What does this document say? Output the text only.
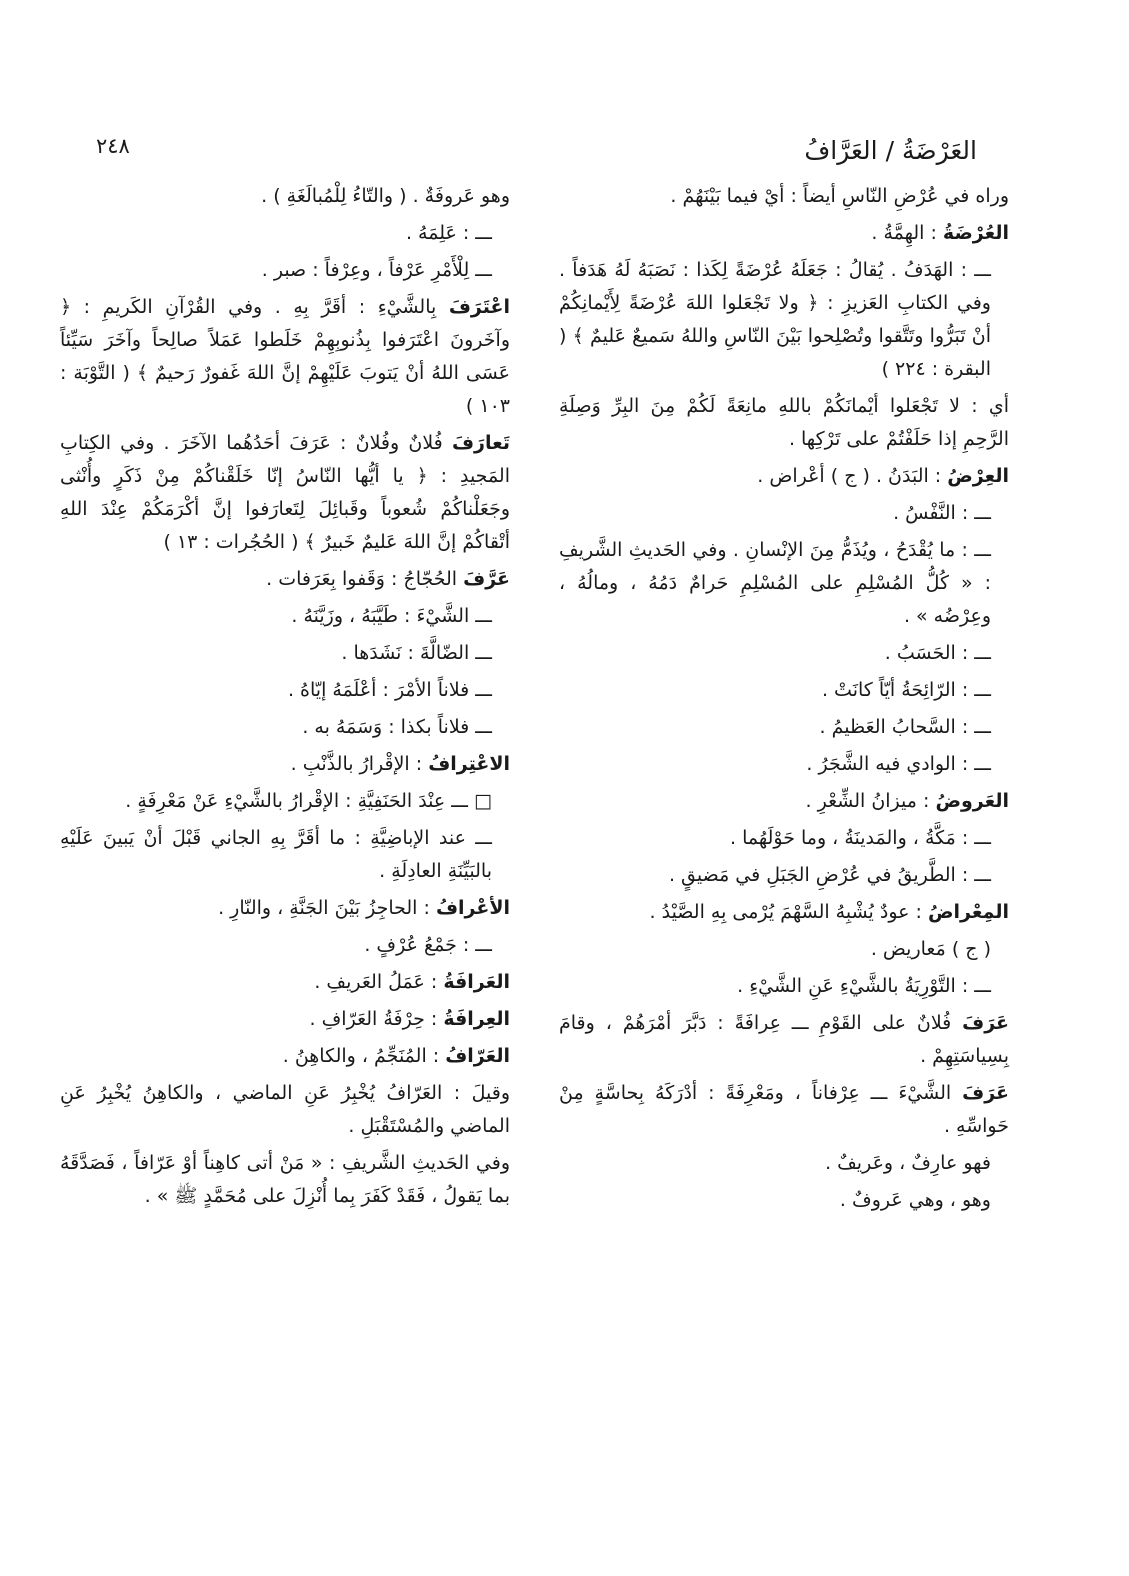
٢٤٨	العَرْضَةُ / العَرَّافُ

وراه في عُرْضِ النّاسِ أيضاً : أيْ فيما بَيْنَهُمْ .

العُرْضَةُ : الهِمَّةُ .

ـــ : الهَدَفُ . يُقالُ : جَعَلَهُ عُرْضَةً لِكَذا : نَصَبَهُ لَهُ هَدَفاً . وفي الكتابِ العَزيزِ : ﴿ ولا تَجْعَلوا اللهَ عُرْضَةً لِأَيْمانِكُمْ أنْ تَبَرُّوا وتَتَّقوا وتُصْلِحوا بَيْنَ النّاسِ واللهُ سَميعٌ عَليمٌ ﴾ ( البقرة : ٢٢٤ )

أي : لا تَجْعَلوا أيْمانَكُمْ باللهِ مانِعَةً لَكُمْ مِنَ البِرِّ وَصِلَةِ الرَّحِمِ إذا حَلَفْتُمْ على تَرْكِها .

العِرْضُ : البَدَنُ . ( ج ) أعْراض .

ـــ : النَّفْسُ .

ـــ : ما يُقْدَحُ ، ويُذَمُّ مِنَ الإنْسانِ . وفي الحَديثِ الشَّريفِ : « كُلُّ المُسْلِمِ على المُسْلِمِ حَرامٌ دَمُهُ ، ومالُهُ ، وعِرْضُه » .

ـــ : الحَسَبُ .

ـــ : الرّائِحَةُ أيّاً كانَتْ .

ـــ : السَّحابُ العَظيمُ .

ـــ : الوادي فيه الشَّجَرُ .

العَروضُ : ميزانُ الشِّعْرِ .

ـــ : مَكَّةُ ، والمَدينَةُ ، وما حَوْلَهُما .

ـــ : الطَّريقُ في عُرْضِ الجَبَلِ في مَضيقٍ .

المِعْراضُ : عودٌ يُشْبِهُ السَّهْمَ يُرْمى بِهِ الصَّيْدُ .

( ج ) مَعاريض .

ـــ : التَّوْرِيَةُ بالشَّيْءِ عَنِ الشَّيْءِ .

عَرَفَ فُلانٌ على القَوْمِ ـــ عِرافَةً : دَبَّرَ أمْرَهُمْ ، وقامَ بِسِياسَتِهِمْ .

عَرَفَ الشَّيْءَ ـــ عِرْفاناً ، ومَعْرِفَةً : أدْرَكَهُ بِحاسَّةٍ مِنْ حَواسِّهِ .

فهو عارِفٌ ، وعَريفٌ .

وهو ، وهي عَروفٌ .

وهو عَروفَةٌ . ( والتّاءُ لِلْمُبالَغَةِ ) .

ـــ : عَلِمَهُ .

ـــ لِلْأَمْرِ عَرْفاً ، وعِرْفاً : صبر .

اعْتَرَفَ بِالشَّيْءِ : أقَرَّ بِهِ . وفي القُرْآنِ الكَريمِ : ﴿ وآخَرونَ اعْتَرَفوا بِذُنوبِهِمْ خَلَطوا عَمَلاً صالِحاً وآخَرَ سَيِّئاً عَسَى اللهُ أنْ يَتوبَ عَلَيْهِمْ إنَّ اللهَ غَفورٌ رَحيمٌ ﴾ ( التَّوْبَة : ١٠٣ )

تَعارَفَ فُلانٌ وفُلانٌ : عَرَفَ أحَدُهُما الآخَرَ . وفي الكِتابِ المَجيدِ : ﴿ يا أيُّها النّاسُ إنّا خَلَقْناكُمْ مِنْ ذَكَرٍ وأُنْثى وجَعَلْناكُمْ شُعوباً وقَبائِلَ لِتَعارَفوا إنَّ أكْرَمَكُمْ عِنْدَ اللهِ أتْقاكُمْ إنَّ اللهَ عَليمٌ خَبيرٌ ﴾ ( الحُجُرات : ١٣ )

عَرَّفَ الحُجّاجُ : وَقَفوا بِعَرَفات .

ـــ الشَّيْءَ : طَيَّبَهُ ، وزَيَّنَهُ .

ـــ الضّالَّةَ : نَشَدَها .

ـــ فلاناً الأمْرَ : أعْلَمَهُ إيّاهُ .

ـــ فلاناً بكذا : وَسَمَهُ به .

الاعْتِرافُ : الإقْرارُ بالذَّنْبِ .

□ ـــ عِنْدَ الحَنَفِيَّةِ : الإقْرارُ بالشَّيْءِ عَنْ مَعْرِفَةٍ .

ـــ عند الإباضِيَّةِ : ما أقَرَّ بِهِ الجاني قَبْلَ أنْ يَبينَ عَلَيْهِ بالبَيِّنَةِ العادِلَةِ .

الأعْرافُ : الحاجِزُ بَيْنَ الجَنَّةِ ، والنّارِ .

ـــ : جَمْعُ عُرْفٍ .

العَرافَةُ : عَمَلُ العَريفِ .

العِرافَةُ : حِرْفَةُ العَرّافِ .

العَرّافُ : المُنَجِّمُ ، والكاهِنُ .

وقيلَ : العَرّافُ يُخْبِرُ عَنِ الماضي ، والكاهِنُ يُخْبِرُ عَنِ الماضي والمُسْتَقْبَلِ .

وفي الحَديثِ الشَّريفِ : « مَنْ أتى كاهِناً أوْ عَرّافاً ، فَصَدَّقَهُ بما يَقولُ ، فَقَدْ كَفَرَ بِما أُنْزِلَ على مُحَمَّدٍ ﷺ » .
